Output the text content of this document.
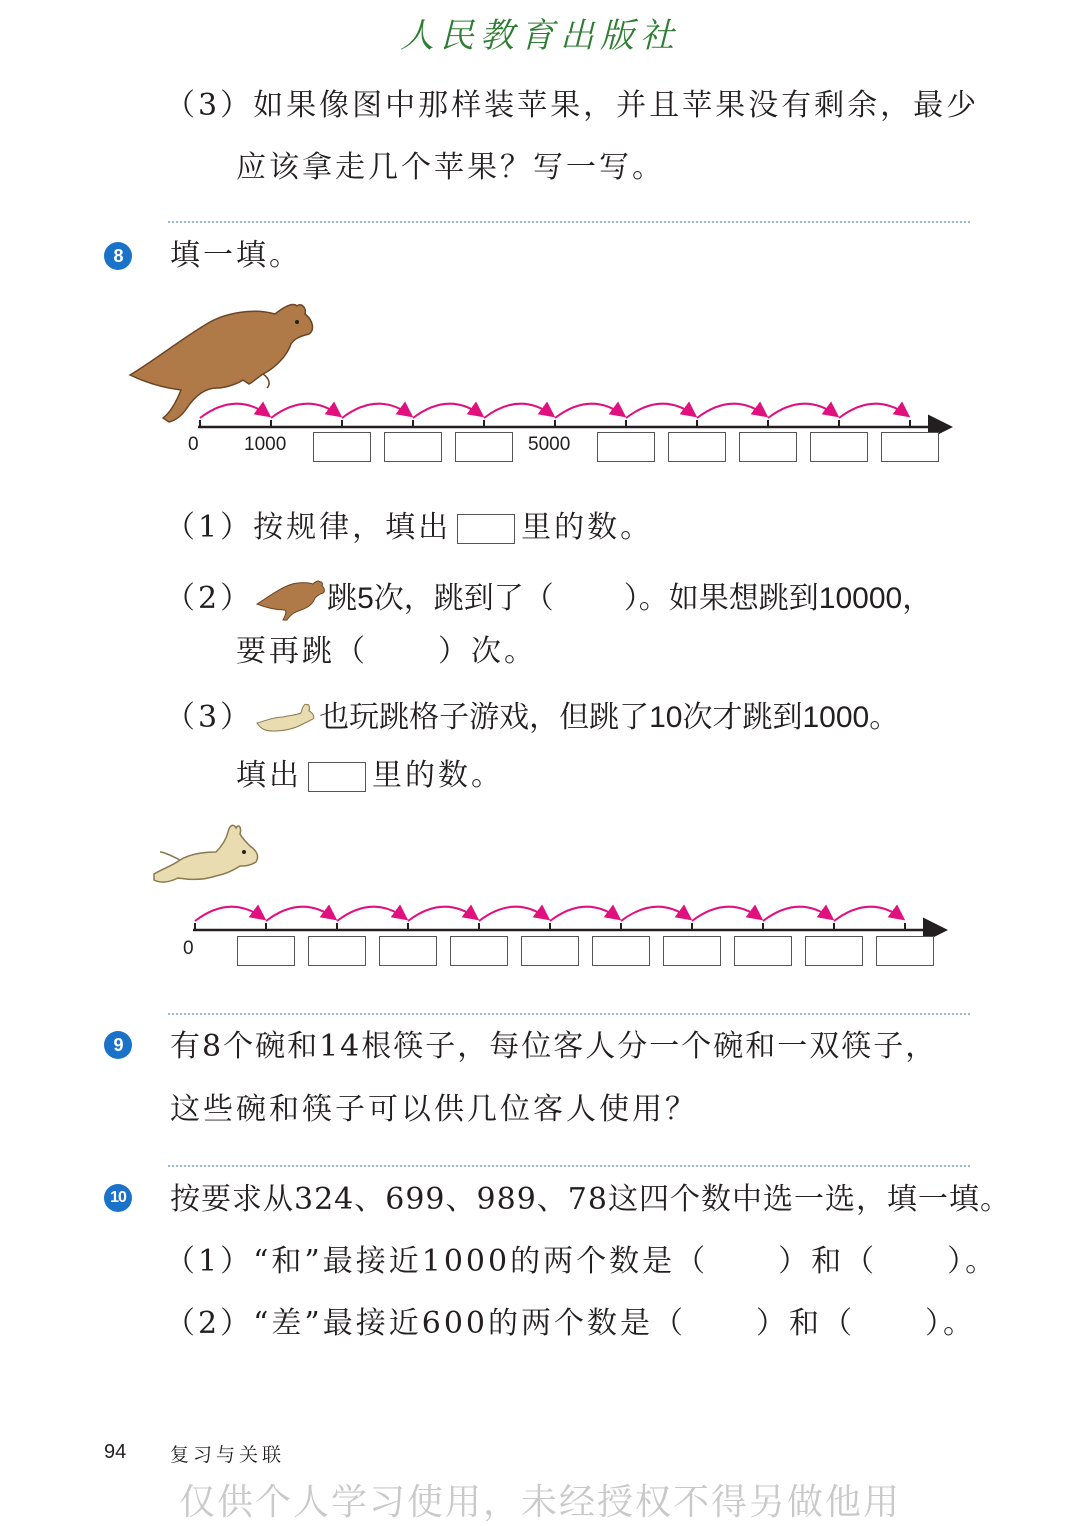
人民教育出版社
（3）如果像图中那样装苹果，并且苹果没有剩余，最少
应该拿走几个苹果？写一写。
8	填一填。
0 1000	5000
（1）按规律，填出 里的数。
（2） 跳5次，跳到了（ ）。如果想跳到10000，
要再跳（ ）次。
（3） 也玩跳格子游戏，但跳了10次才跳到1000。
填出 里的数。
0
9	有8个碗和14根筷子，每位客人分一个碗和一双筷子，
这些碗和筷子可以供几位客人使用？
10 按要求从324、699、989、78这四个数中选一选，填一填。
（1）“和”最接近1000的两个数是（ ）和（ ）。
（2）“差”最接近600的两个数是（ ）和（ ）。
94 复习与关联
仅供个人学习使用，未经授权不得另做他用
